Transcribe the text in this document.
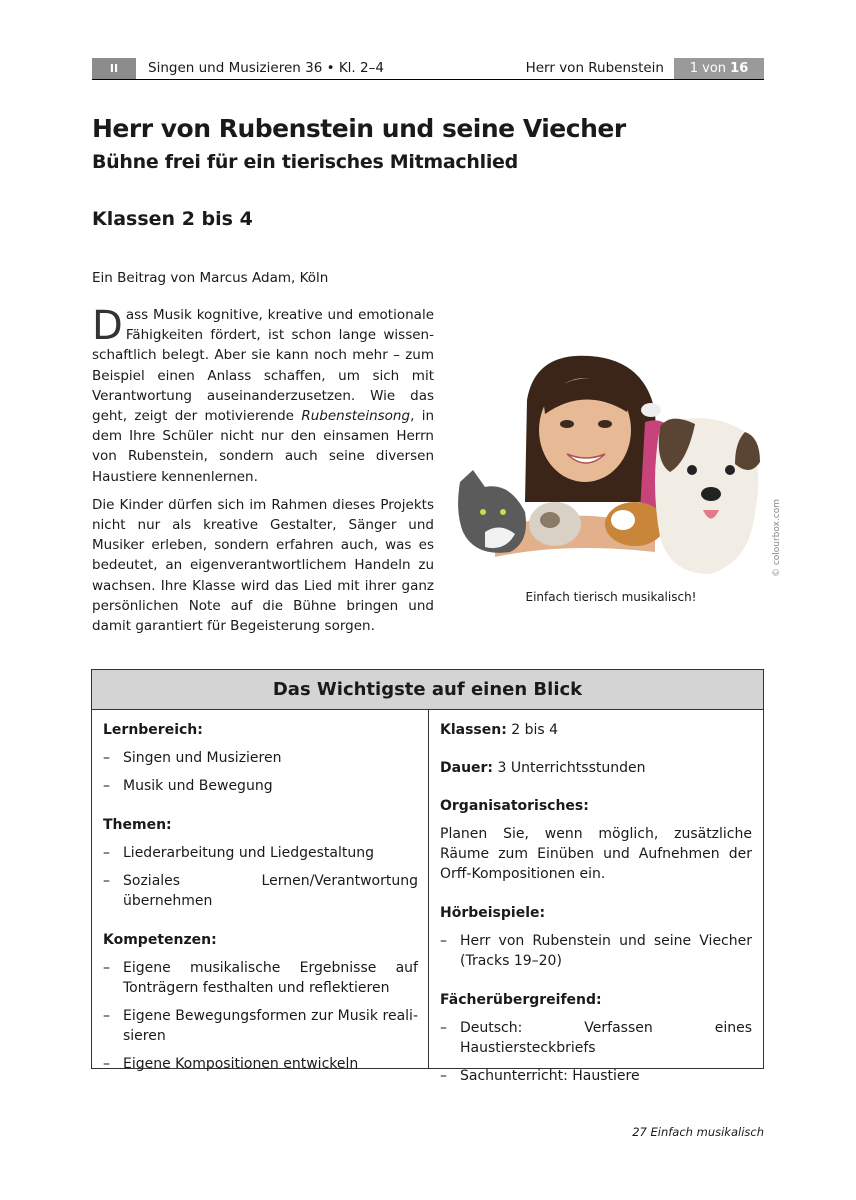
II	Singen und Musizieren 36 • Kl. 2–4	Herr von Rubenstein	1 von 16
Herr von Rubenstein und seine Viecher
Bühne frei für ein tierisches Mitmachlied
Klassen 2 bis 4
Ein Beitrag von Marcus Adam, Köln

Dass Musik kognitive, kreative und emotionale Fähigkeiten fördert, ist schon lange wissenschaftlich belegt. Aber sie kann noch mehr – zum Beispiel einen Anlass schaffen, um sich mit Verantwortung auseinanderzusetzen. Wie das geht, zeigt der motivierende Rubensteinsong, in dem Ihre Schüler nicht nur den einsamen Herrn von Rubenstein, sondern auch seine diversen Haustiere kennenlernen.

Die Kinder dürfen sich im Rahmen dieses Projekts nicht nur als kreative Gestalter, Sänger und Musiker erleben, sondern erfahren auch, was es bedeutet, an eigenverantwortlichem Handeln zu wachsen. Ihre Klasse wird das Lied mit ihrer ganz persönlichen Note auf die Bühne bringen und damit garantiert für Begeisterung sorgen.

© colourbox.com
Einfach tierisch musikalisch!
Das Wichtigste auf einen Blick
Lernbereich:
– Singen und Musizieren
– Musik und Bewegung
Themen:
– Liederarbeitung und Liedgestaltung
– Soziales Lernen/Verantwortung übernehmen
Kompetenzen:
– Eigene musikalische Ergebnisse auf Tonträgern festhalten und reflektieren
– Eigene Bewegungsformen zur Musik realisieren
– Eigene Kompositionen entwickeln
Klassen: 2 bis 4
Dauer: 3 Unterrichtsstunden
Organisatorisches:
Planen Sie, wenn möglich, zusätzliche Räume zum Einüben und Aufnehmen der Orff-Kompositionen ein.
Hörbeispiele:
– Herr von Rubenstein und seine Viecher (Tracks 19–20)
Fächerübergreifend:
– Deutsch: Verfassen eines Haustiersteckbriefs
– Sachunterricht: Haustiere
27 Einfach musikalisch
